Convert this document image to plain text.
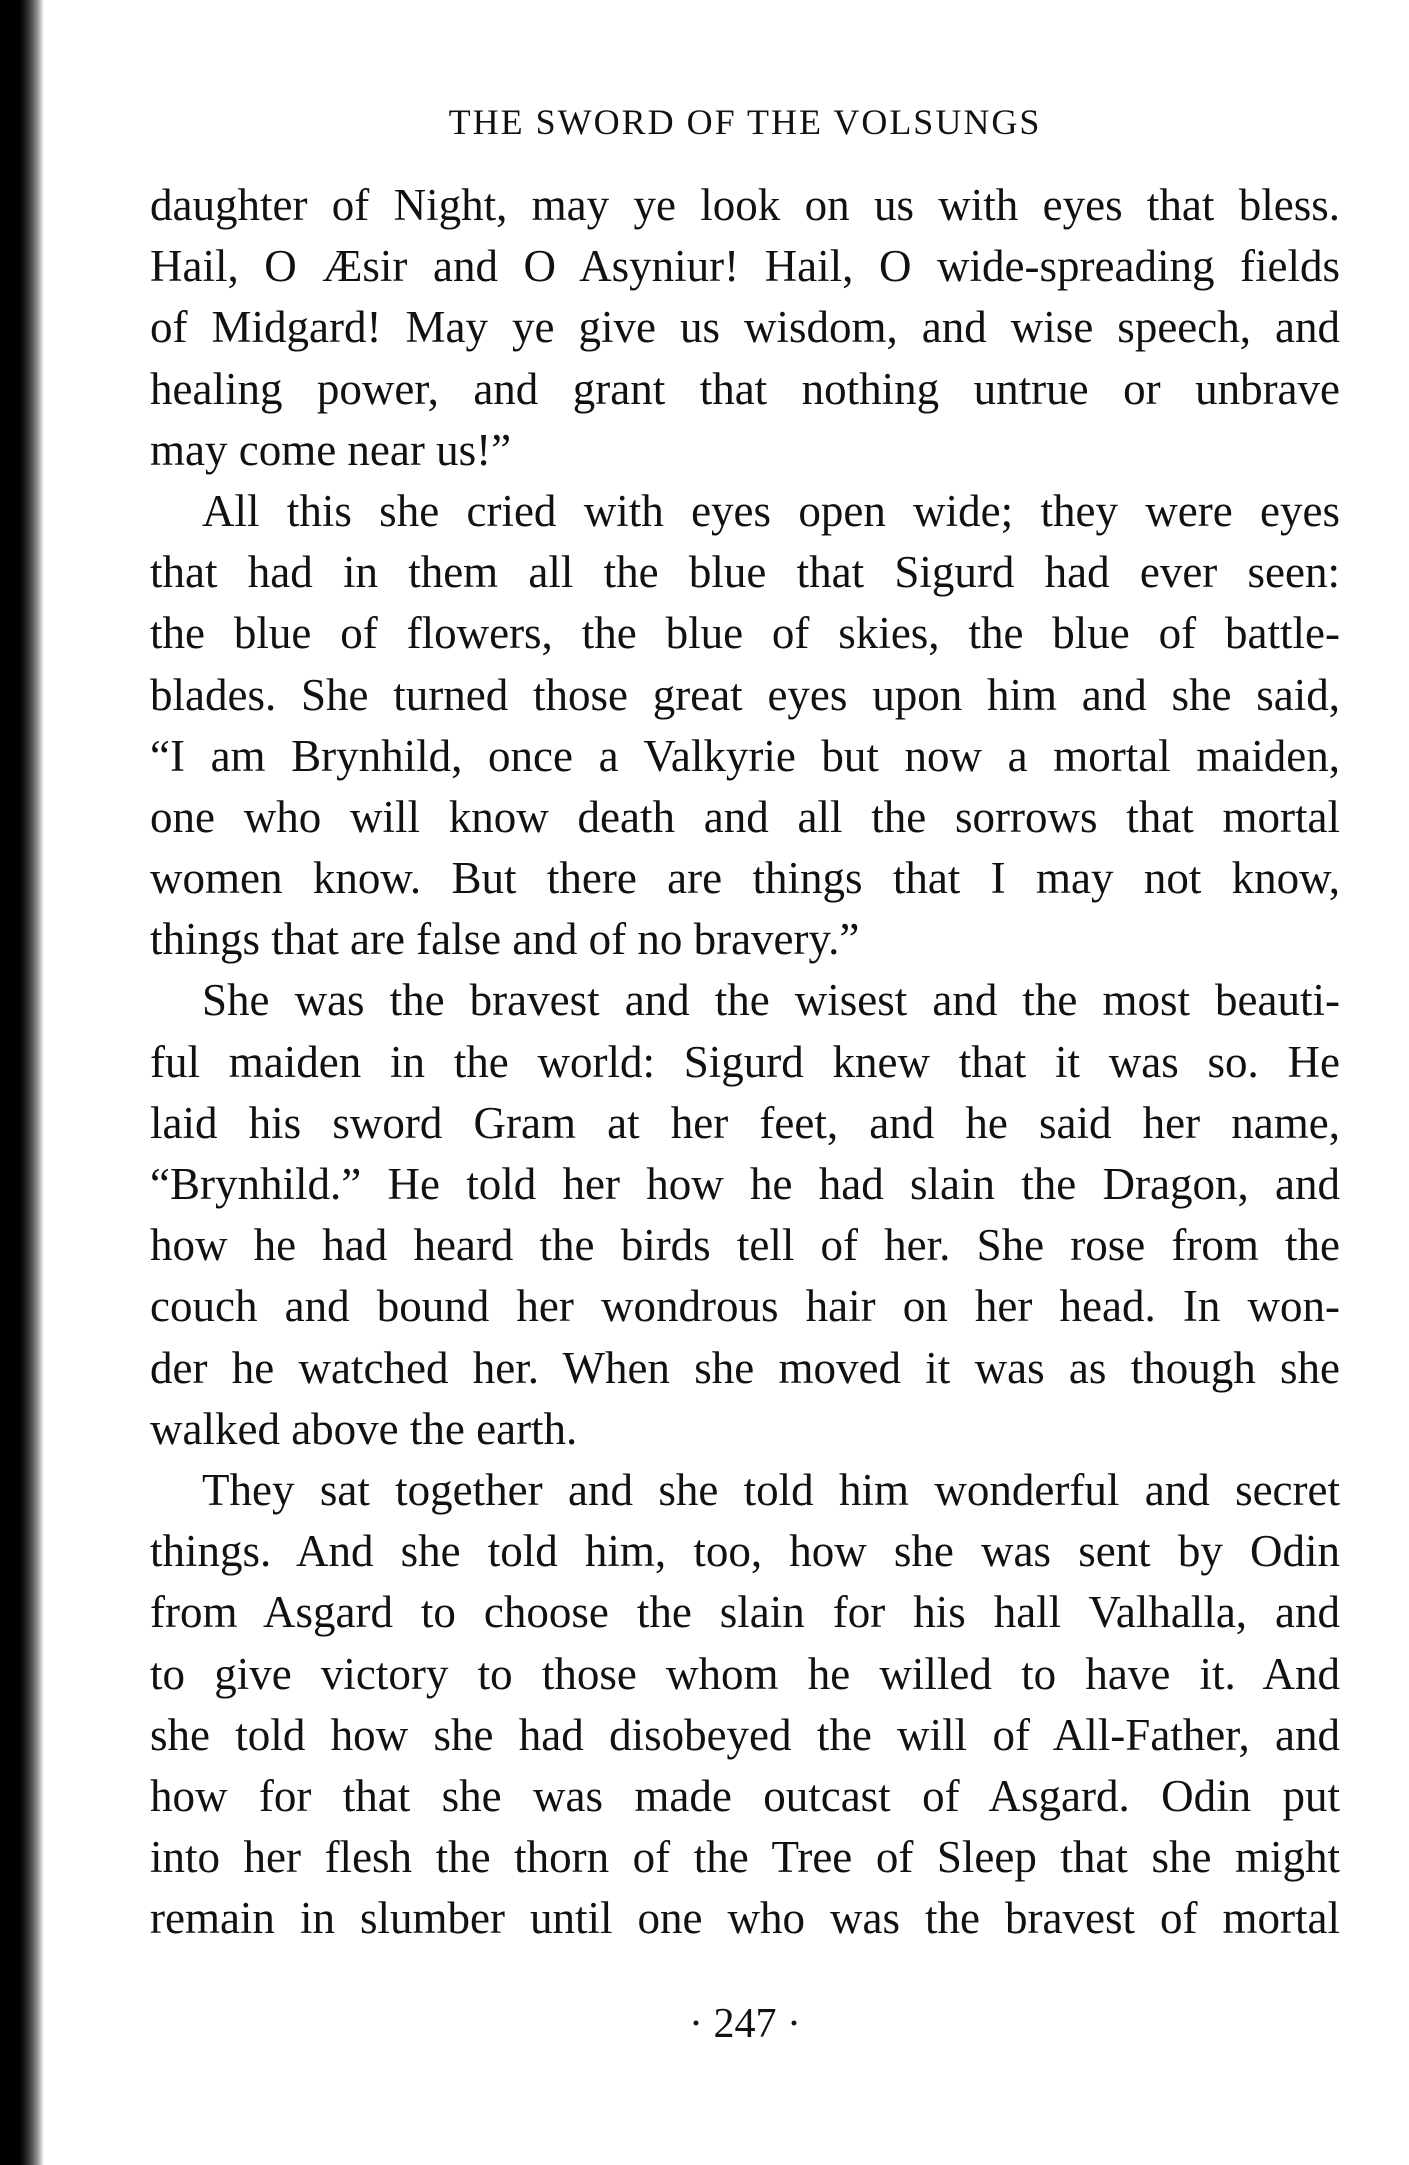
THE SWORD OF THE VOLSUNGS
daughter of Night, may ye look on us with eyes that bless.
Hail, O Æsir and O Asyniur! Hail, O wide-spreading fields
of Midgard! May ye give us wisdom, and wise speech, and
healing power, and grant that nothing untrue or unbrave
may come near us!”
All this she cried with eyes open wide; they were eyes
that had in them all the blue that Sigurd had ever seen:
the blue of flowers, the blue of skies, the blue of battle-
blades. She turned those great eyes upon him and she said,
“I am Brynhild, once a Valkyrie but now a mortal maiden,
one who will know death and all the sorrows that mortal
women know. But there are things that I may not know,
things that are false and of no bravery.”
She was the bravest and the wisest and the most beauti-
ful maiden in the world: Sigurd knew that it was so. He
laid his sword Gram at her feet, and he said her name,
“Brynhild.” He told her how he had slain the Dragon, and
how he had heard the birds tell of her. She rose from the
couch and bound her wondrous hair on her head. In won-
der he watched her. When she moved it was as though she
walked above the earth.
They sat together and she told him wonderful and secret
things. And she told him, too, how she was sent by Odin
from Asgard to choose the slain for his hall Valhalla, and
to give victory to those whom he willed to have it. And
she told how she had disobeyed the will of All-Father, and
how for that she was made outcast of Asgard. Odin put
into her flesh the thorn of the Tree of Sleep that she might
remain in slumber until one who was the bravest of mortal
· 247 ·
